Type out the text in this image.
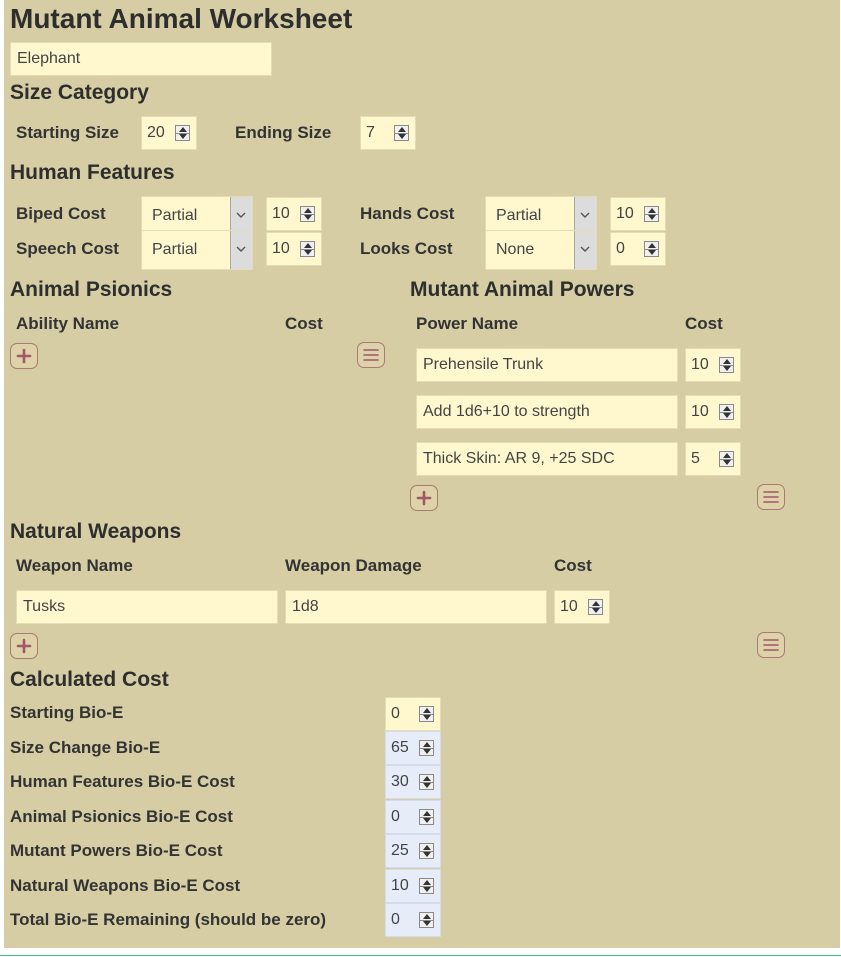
Mutant Animal Worksheet
Elephant
Size Category
Starting Size 20	Ending Size 7
Human Features
Biped Cost	Partial	10	Hands Cost	Partial	10
Speech Cost	Partial	10	Looks Cost	None	0
Animal Psionics
Ability Name	Cost
Mutant Animal Powers
Power Name	Cost
Prehensile Trunk	10
Add 1d6+10 to strength	10
Thick Skin: AR 9, +25 SDC	5
Natural Weapons
Weapon Name	Weapon Damage	Cost
Tusks	1d8	10
Calculated Cost
Starting Bio-E	0
Size Change Bio-E	65
Human Features Bio-E Cost	30
Animal Psionics Bio-E Cost	0
Mutant Powers Bio-E Cost	25
Natural Weapons Bio-E Cost	10
Total Bio-E Remaining (should be zero)	0
